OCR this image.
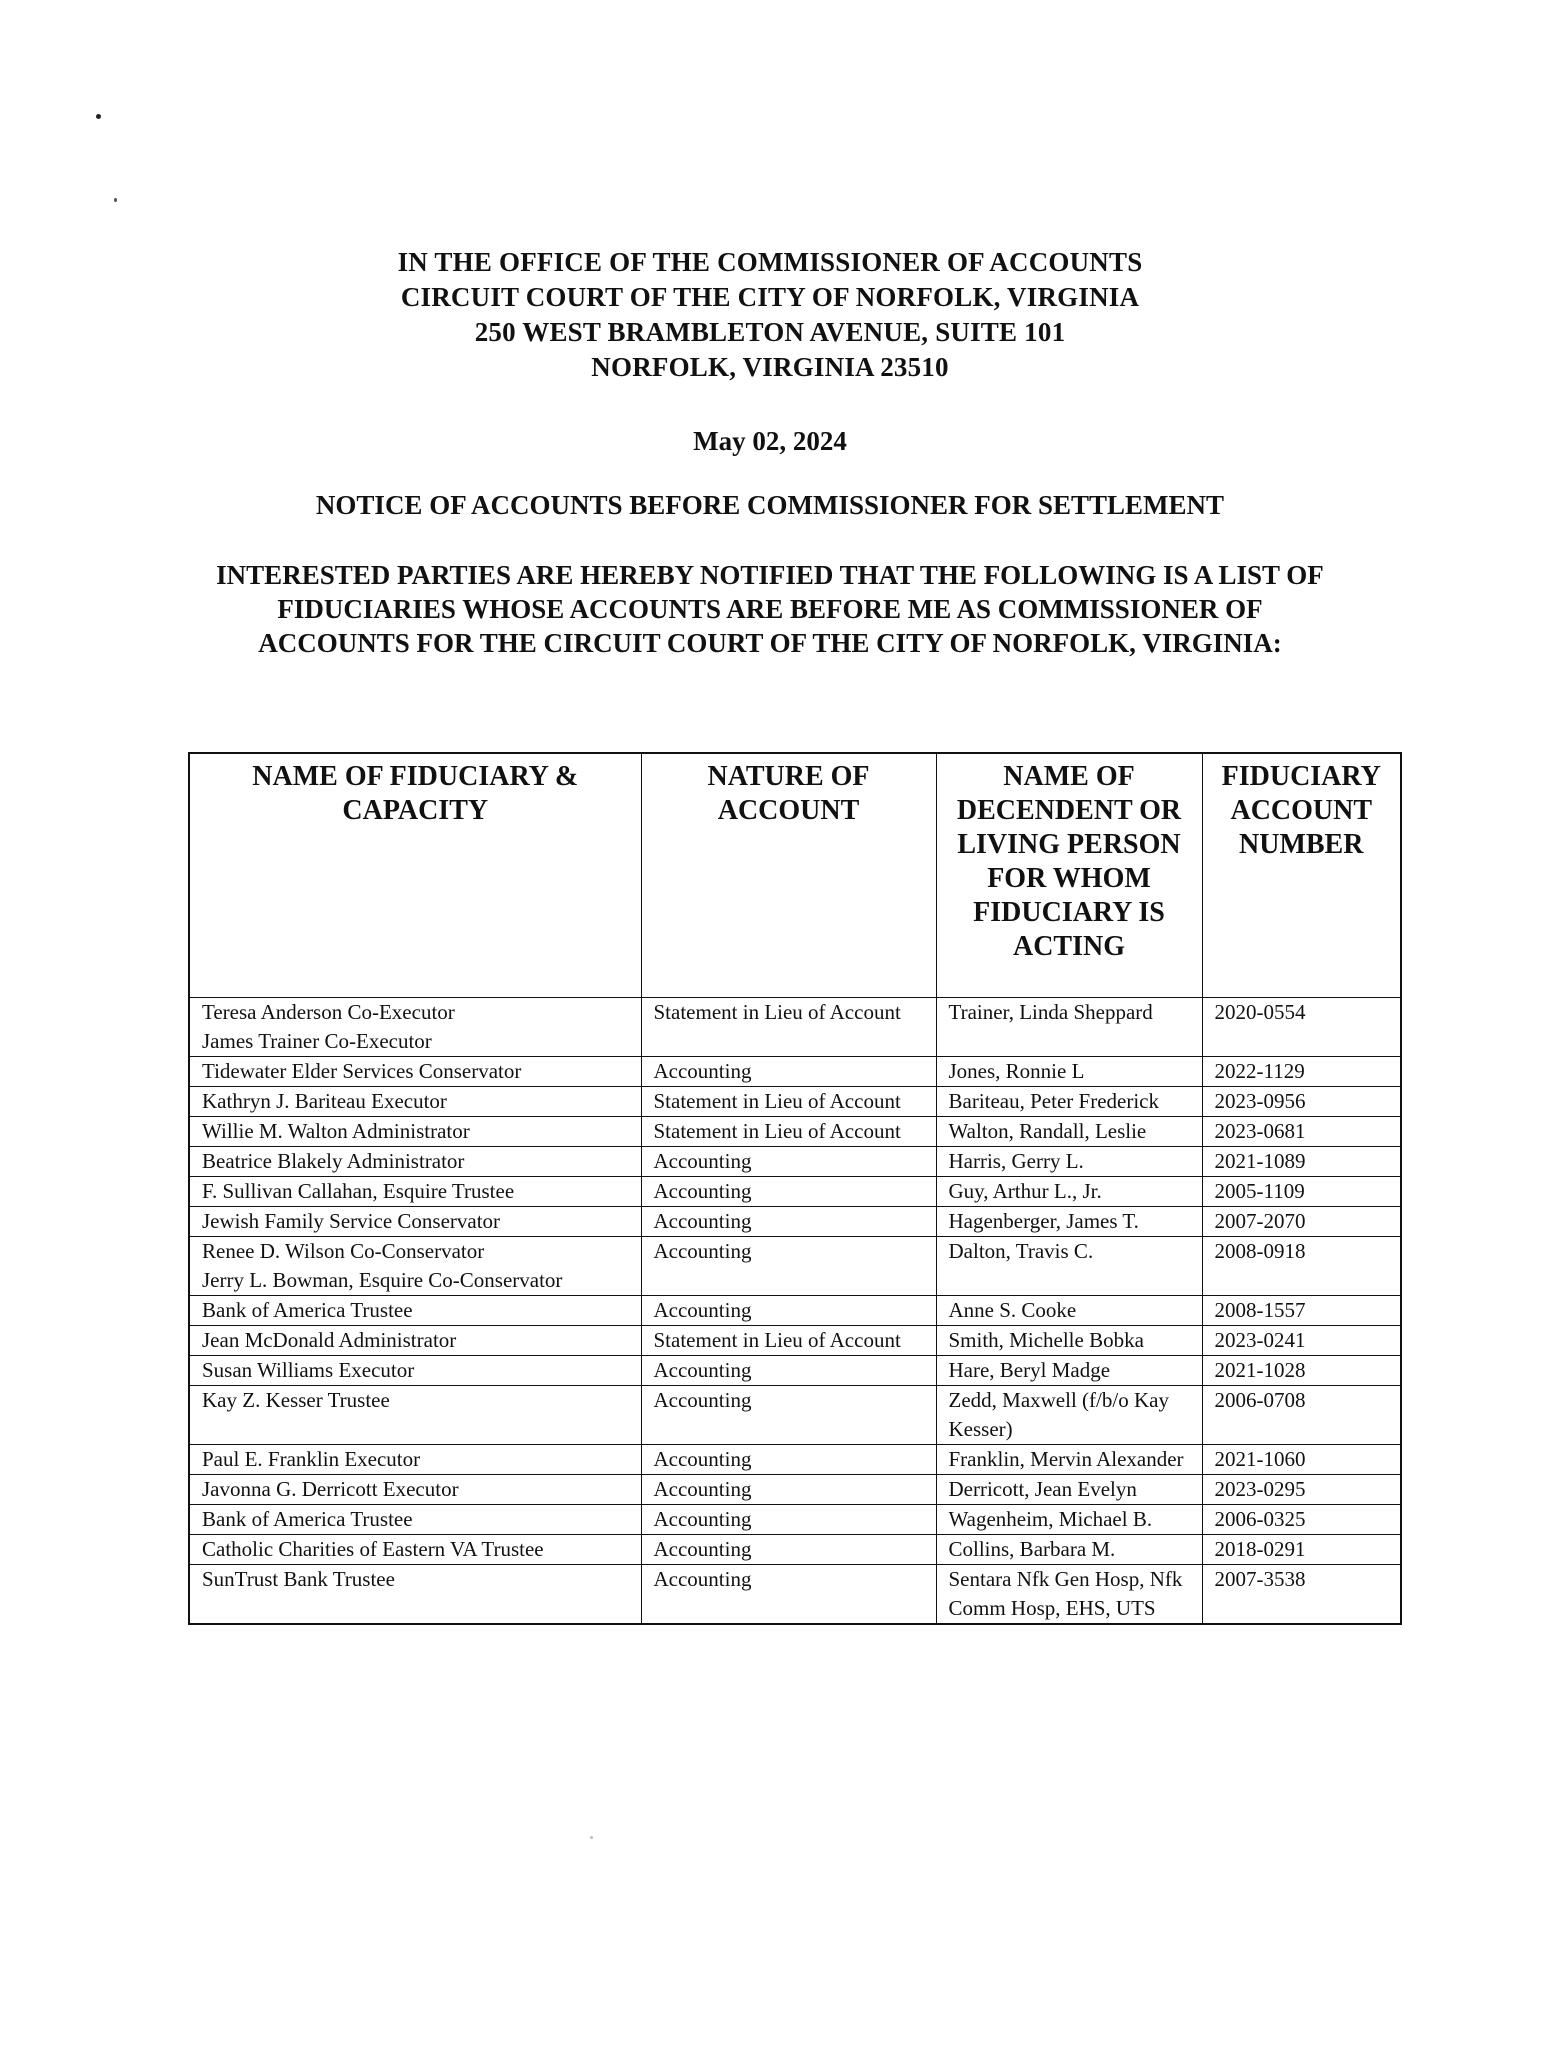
IN THE OFFICE OF THE COMMISSIONER OF ACCOUNTS
CIRCUIT COURT OF THE CITY OF NORFOLK, VIRGINIA
250 WEST BRAMBLETON AVENUE, SUITE 101
NORFOLK, VIRGINIA 23510
May 02, 2024
NOTICE OF ACCOUNTS BEFORE COMMISSIONER FOR SETTLEMENT
INTERESTED PARTIES ARE HEREBY NOTIFIED THAT THE FOLLOWING IS A LIST OF FIDUCIARIES WHOSE ACCOUNTS ARE BEFORE ME AS COMMISSIONER OF ACCOUNTS FOR THE CIRCUIT COURT OF THE CITY OF NORFOLK, VIRGINIA:
NAME OF FIDUCIARY & CAPACITY	NATURE OF ACCOUNT	NAME OF DECENDENT OR LIVING PERSON FOR WHOM FIDUCIARY IS ACTING	FIDUCIARY ACCOUNT NUMBER
Teresa Anderson Co-Executor
James Trainer Co-Executor	Statement in Lieu of Account	Trainer, Linda Sheppard	2020-0554
Tidewater Elder Services Conservator	Accounting	Jones, Ronnie L	2022-1129
Kathryn J. Bariteau Executor	Statement in Lieu of Account	Bariteau, Peter Frederick	2023-0956
Willie M. Walton Administrator	Statement in Lieu of Account	Walton, Randall, Leslie	2023-0681
Beatrice Blakely Administrator	Accounting	Harris, Gerry L.	2021-1089
F. Sullivan Callahan, Esquire Trustee	Accounting	Guy, Arthur L., Jr.	2005-1109
Jewish Family Service Conservator	Accounting	Hagenberger, James T.	2007-2070
Renee D. Wilson Co-Conservator
Jerry L. Bowman, Esquire Co-Conservator	Accounting	Dalton, Travis C.	2008-0918
Bank of America Trustee	Accounting	Anne S. Cooke	2008-1557
Jean McDonald Administrator	Statement in Lieu of Account	Smith, Michelle Bobka	2023-0241
Susan Williams Executor	Accounting	Hare, Beryl Madge	2021-1028
Kay Z. Kesser Trustee	Accounting	Zedd, Maxwell (f/b/o Kay Kesser)	2006-0708
Paul E. Franklin Executor	Accounting	Franklin, Mervin Alexander	2021-1060
Javonna G. Derricott Executor	Accounting	Derricott, Jean Evelyn	2023-0295
Bank of America Trustee	Accounting	Wagenheim, Michael B.	2006-0325
Catholic Charities of Eastern VA Trustee	Accounting	Collins, Barbara M.	2018-0291
SunTrust Bank Trustee	Accounting	Sentara Nfk Gen Hosp, Nfk Comm Hosp, EHS, UTS	2007-3538
